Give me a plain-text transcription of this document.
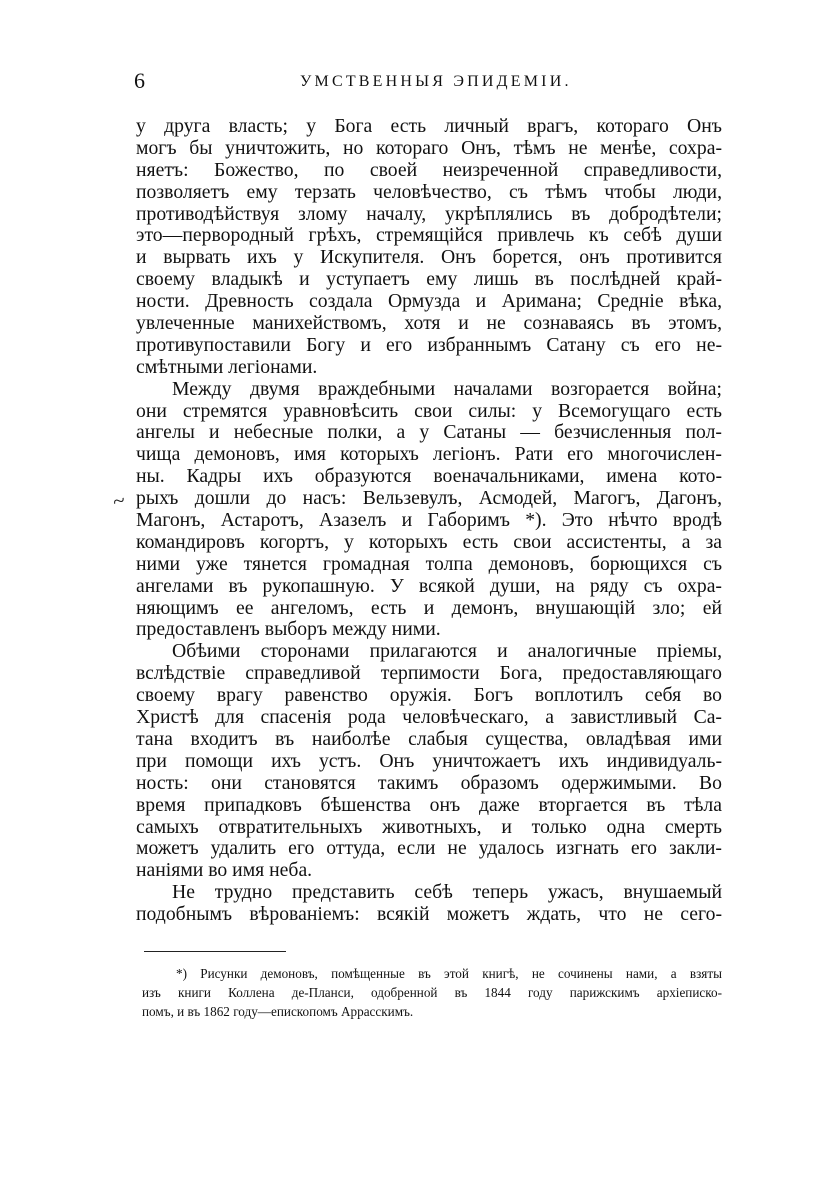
6	УМСТВЕННЫЯ ЭПИДЕМІИ.
~
у друга власть; у Бога есть личный врагъ, котораго Онъ
могъ бы уничтожить, но котораго Онъ, тѣмъ не менѣе, сохра-
няетъ: Божество, по своей неизреченной справедливости,
позволяетъ ему терзать человѣчество, съ тѣмъ чтобы люди,
противодѣйствуя злому началу, укрѣплялись въ добродѣтели;
это—первородный грѣхъ, стремящійся привлечь къ себѣ души
и вырвать ихъ у Искупителя. Онъ борется, онъ противится
своему владыкѣ и уступаетъ ему лишь въ послѣдней край-
ности. Древность создала Ормузда и Аримана; Средніе вѣка,
увлеченные манихействомъ, хотя и не сознаваясь въ этомъ,
противупоставили Богу и его избраннымъ Сатану съ его не-
смѣтными легіонами.
Между двумя враждебными началами возгорается война;
они стремятся уравновѣсить свои силы: у Всемогущаго есть
ангелы и небесные полки, а у Сатаны — безчисленныя пол-
чища демоновъ, имя которыхъ легіонъ. Рати его многочислен-
ны. Кадры ихъ образуются военачальниками, имена кото-
рыхъ дошли до насъ: Вельзевулъ, Асмодей, Магогъ, Дагонъ,
Магонъ, Астаротъ, Азазелъ и Габоримъ *). Это нѣчто вродѣ
командировъ когортъ, у которыхъ есть свои ассистенты, а за
ними уже тянется громадная толпа демоновъ, борющихся съ
ангелами въ рукопашную. У всякой души, на ряду съ охра-
няющимъ ее ангеломъ, есть и демонъ, внушающій зло; ей
предоставленъ выборъ между ними.
Обѣими сторонами прилагаются и аналогичные пріемы,
вслѣдствіе справедливой терпимости Бога, предоставляющаго
своему врагу равенство оружія. Богъ воплотилъ себя во
Христѣ для спасенія рода человѣческаго, а завистливый Са-
тана входитъ въ наиболѣе слабыя существа, овладѣвая ими
при помощи ихъ устъ. Онъ уничтожаетъ ихъ индивидуаль-
ность: они становятся такимъ образомъ одержимыми. Во
время припадковъ бѣшенства онъ даже вторгается въ тѣла
самыхъ отвратительныхъ животныхъ, и только одна смерть
можетъ удалить его оттуда, если не удалось изгнать его закли-
наніями во имя неба.
Не трудно представить себѣ теперь ужасъ, внушаемый
подобнымъ вѣрованіемъ: всякій можетъ ждать, что не сего-
*) Рисунки демоновъ, помѣщенные въ этой книгѣ, не сочинены нами, а взяты
изъ книги Коллена де-Планси, одобренной въ 1844 году парижскимъ архіеписко-
помъ, и въ 1862 году—епископомъ Аррасскимъ.
